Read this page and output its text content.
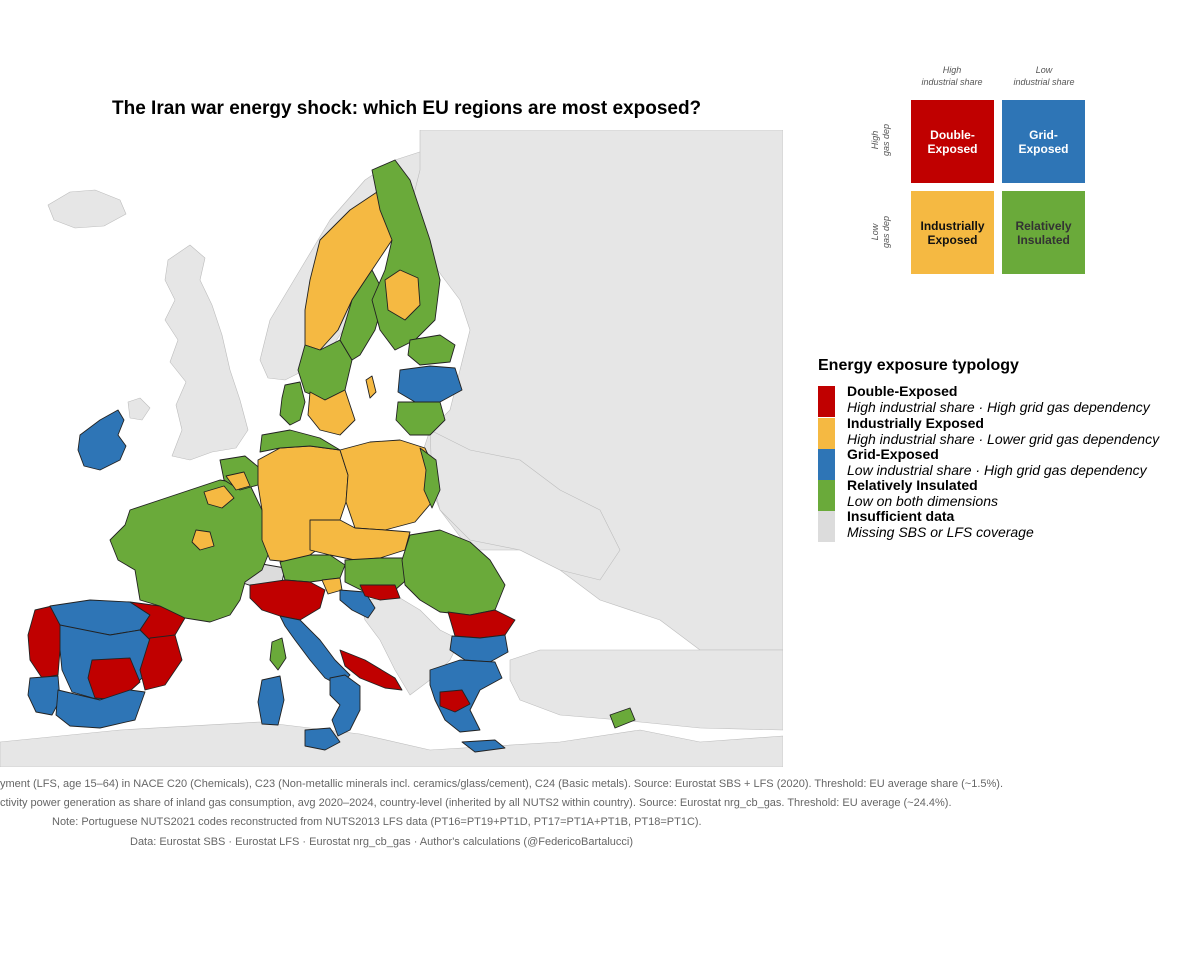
The Iran war energy shock: which EU regions are most exposed?
High
industrial share
Low
industrial share
High gas dep
Low gas dep
Double-
Exposed
Grid-
Exposed
Industrially
Exposed
Relatively
Insulated
Energy exposure typology
Double-Exposed
High industrial share · High grid gas dependency
Industrially Exposed
High industrial share · Lower grid gas dependency
Grid-Exposed
Low industrial share · High grid gas dependency
Relatively Insulated
Low on both dimensions
Insufficient data
Missing SBS or LFS coverage
yment (LFS, age 15–64) in NACE C20 (Chemicals), C23 (Non-metallic minerals incl. ceramics/glass/cement), C24 (Basic metals). Source: Eurostat SBS + LFS (2020). Threshold: EU average share (~1.5%).
ctivity power generation as share of inland gas consumption, avg 2020–2024, country-level (inherited by all NUTS2 within country). Source: Eurostat nrg_cb_gas. Threshold: EU average (~24.4%).
Note: Portuguese NUTS2021 codes reconstructed from NUTS2013 LFS data (PT16=PT19+PT1D, PT17=PT1A+PT1B, PT18=PT1C).
Data: Eurostat SBS · Eurostat LFS · Eurostat nrg_cb_gas · Author's calculations (@FedericoBartalucci)
